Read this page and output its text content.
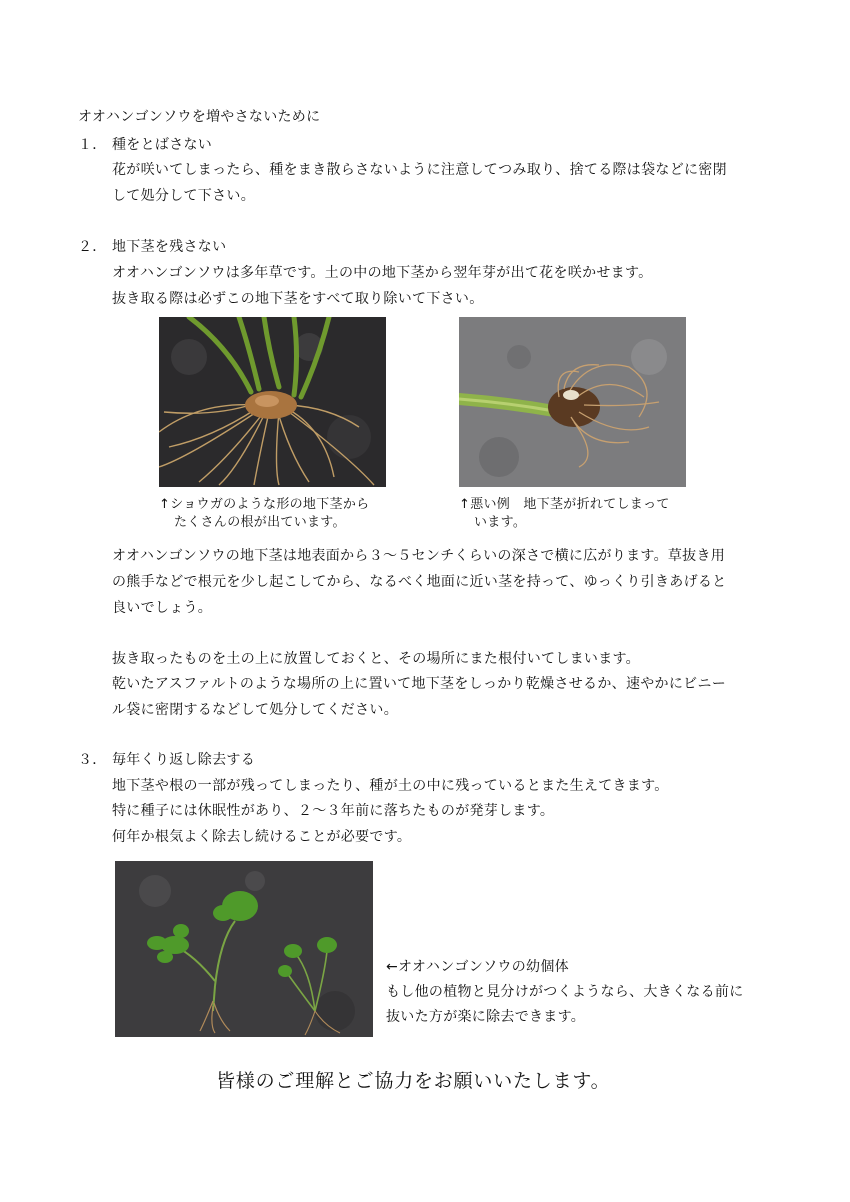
オオハンゴンソウを増やさないために
１． 種をとばさない
花が咲いてしまったら、種をまき散らさないように注意してつみ取り、捨てる際は袋などに密閉
して処分して下さい。
２． 地下茎を残さない
オオハンゴンソウは多年草です。土の中の地下茎から翌年芽が出て花を咲かせます。
抜き取る際は必ずこの地下茎をすべて取り除いて下さい。
↑ショウガのような形の地下茎から
たくさんの根が出ています。
↑悪い例　地下茎が折れてしまって
います。
オオハンゴンソウの地下茎は地表面から３～５センチくらいの深さで横に広がります。草抜き用
の熊手などで根元を少し起こしてから、なるべく地面に近い茎を持って、ゆっくり引きあげると
良いでしょう。
抜き取ったものを土の上に放置しておくと、その場所にまた根付いてしまいます。
乾いたアスファルトのような場所の上に置いて地下茎をしっかり乾燥させるか、速やかにビニー
ル袋に密閉するなどして処分してください。
３． 毎年くり返し除去する
地下茎や根の一部が残ってしまったり、種が土の中に残っているとまた生えてきます。
特に種子には休眠性があり、２～３年前に落ちたものが発芽します。
何年か根気よく除去し続けることが必要です。
←オオハンゴンソウの幼個体
もし他の植物と見分けがつくようなら、大きくなる前に
抜いた方が楽に除去できます。
皆様のご理解とご協力をお願いいたします。
